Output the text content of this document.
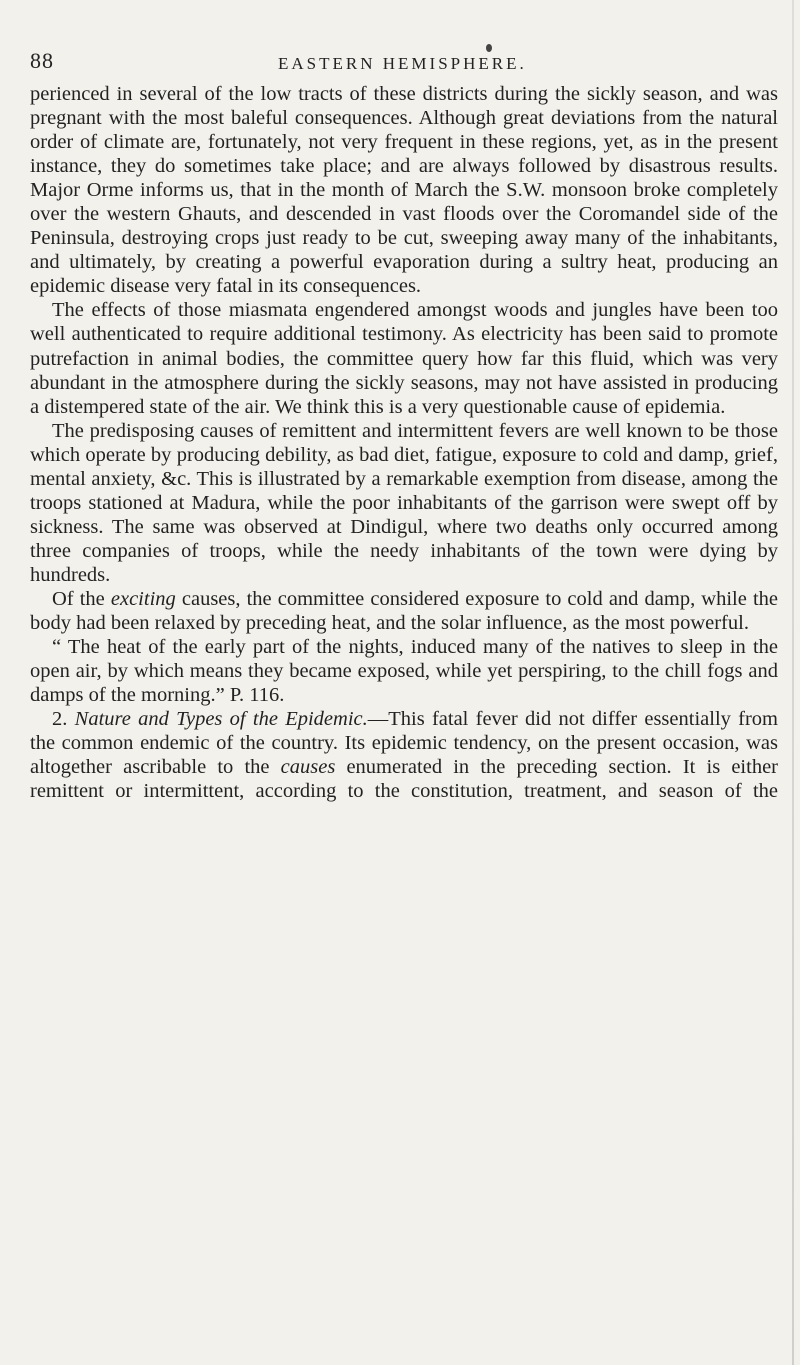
88	EASTERN HEMISPHERE.

perienced in several of the low tracts of these districts during the sickly season, and was pregnant with the most baleful consequences. Although great deviations from the natural order of climate are, fortunately, not very frequent in these regions, yet, as in the present instance, they do sometimes take place; and are always followed by disastrous results. Major Orme informs us, that in the month of March the S.W. monsoon broke completely over the western Ghauts, and descended in vast floods over the Coromandel side of the Peninsula, destroying crops just ready to be cut, sweeping away many of the inhabitants, and ultimately, by creating a powerful evaporation during a sultry heat, producing an epidemic disease very fatal in its consequences.

The effects of those miasmata engendered amongst woods and jungles have been too well authenticated to require additional testimony. As electricity has been said to promote putrefaction in animal bodies, the committee query how far this fluid, which was very abundant in the atmosphere during the sickly seasons, may not have assisted in producing a distempered state of the air. We think this is a very questionable cause of epidemia.

The predisposing causes of remittent and intermittent fevers are well known to be those which operate by producing debility, as bad diet, fatigue, exposure to cold and damp, grief, mental anxiety, &c. This is illustrated by a remarkable exemption from disease, among the troops stationed at Madura, while the poor inhabitants of the garrison were swept off by sickness. The same was observed at Dindigul, where two deaths only occurred among three companies of troops, while the needy inhabitants of the town were dying by hundreds.

Of the exciting causes, the committee considered exposure to cold and damp, while the body had been relaxed by preceding heat, and the solar influence, as the most powerful.

“ The heat of the early part of the nights, induced many of the natives to sleep in the open air, by which means they became exposed, while yet perspiring, to the chill fogs and damps of the morning.” P. 116.

2. Nature and Types of the Epidemic.—This fatal fever did not differ essentially from the common endemic of the country. Its epidemic tendency, on the present occasion, was altogether ascribable to the causes enumerated in the preceding section. It is either remittent or intermittent, according to the constitution, treatment, and season of the
